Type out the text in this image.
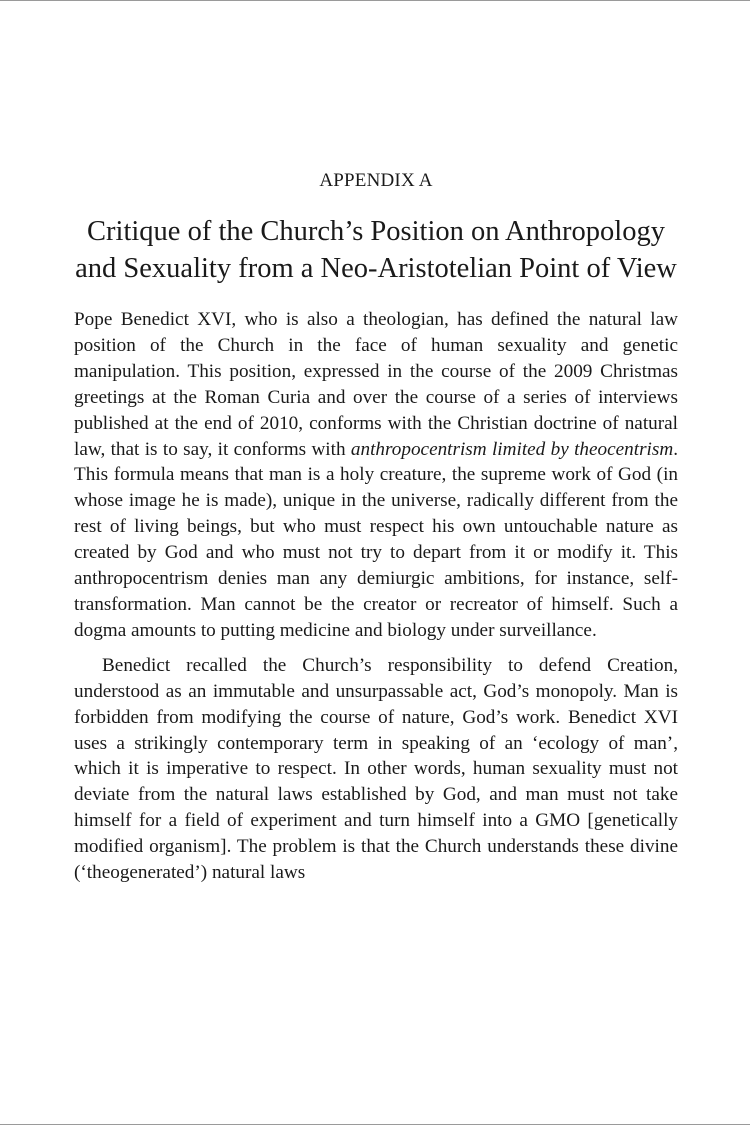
APPENDIX A

Critique of the Church’s Position on Anthropology and Sexuality from a Neo-Aristotelian Point of View

Pope Benedict XVI, who is also a theologian, has defined the natural law position of the Church in the face of human sexuality and genetic manipulation. This position, expressed in the course of the 2009 Christmas greetings at the Roman Curia and over the course of a series of interviews published at the end of 2010, conforms with the Christian doctrine of natural law, that is to say, it conforms with anthropocentrism limited by theocentrism. This formula means that man is a holy creature, the supreme work of God (in whose image he is made), unique in the universe, radically different from the rest of living beings, but who must respect his own untouchable nature as created by God and who must not try to depart from it or modify it. This anthropocentrism denies man any demiurgic ambitions, for instance, self-transformation. Man cannot be the creator or recreator of himself. Such a dogma amounts to putting medicine and biology under surveillance.

Benedict recalled the Church’s responsibility to defend Creation, understood as an immutable and unsurpassable act, God’s monopoly. Man is forbidden from modifying the course of nature, God’s work. Benedict XVI uses a strikingly contemporary term in speaking of an ‘ecology of man’, which it is imperative to respect. In other words, human sexuality must not deviate from the natural laws established by God, and man must not take himself for a field of experiment and turn himself into a GMO [genetically modified organism]. The problem is that the Church understands these divine (‘theogenerated’) natural laws
